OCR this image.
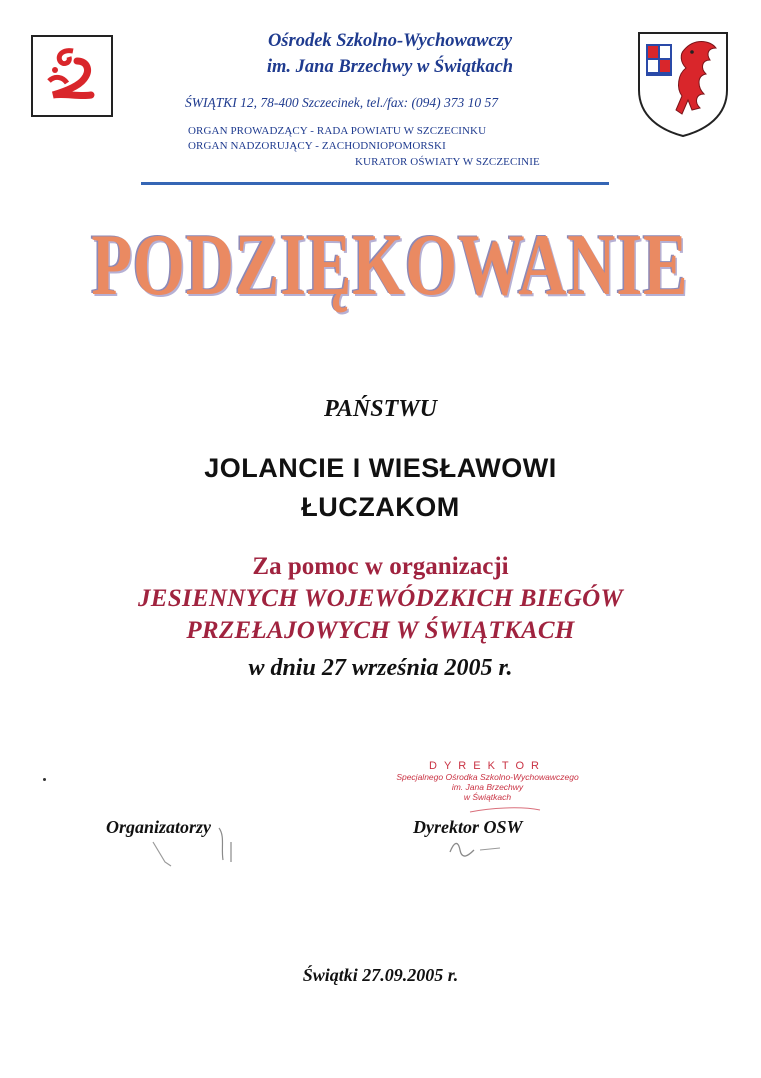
Ośrodek Szkolno-Wychowawczy
im. Jana Brzechwy w Świątkach
ŚWIĄTKI 12, 78-400 Szczecinek, tel./fax: (094) 373 10 57
ORGAN PROWADZĄCY - RADA POWIATU W SZCZECINKU
ORGAN NADZORUJĄCY - ZACHODNIOPOMORSKI
KURATOR OŚWIATY W SZCZECINIE
PODZIĘKOWANIE
PAŃSTWU
JOLANCIE I WIESŁAWOWI
ŁUCZAKOM
Za pomoc w organizacji
JESIENNYCH WOJEWÓDZKICH BIEGÓW
PRZEŁAJOWYCH W ŚWIĄTKACH
w dniu 27 września 2005 r.
DYREKTOR
Specjalnego Ośrodka Szkolno-Wychowawczego
im. Jana Brzechwy
w Świątkach
Organizatorzy	Dyrektor OSW
Świątki 27.09.2005 r.
